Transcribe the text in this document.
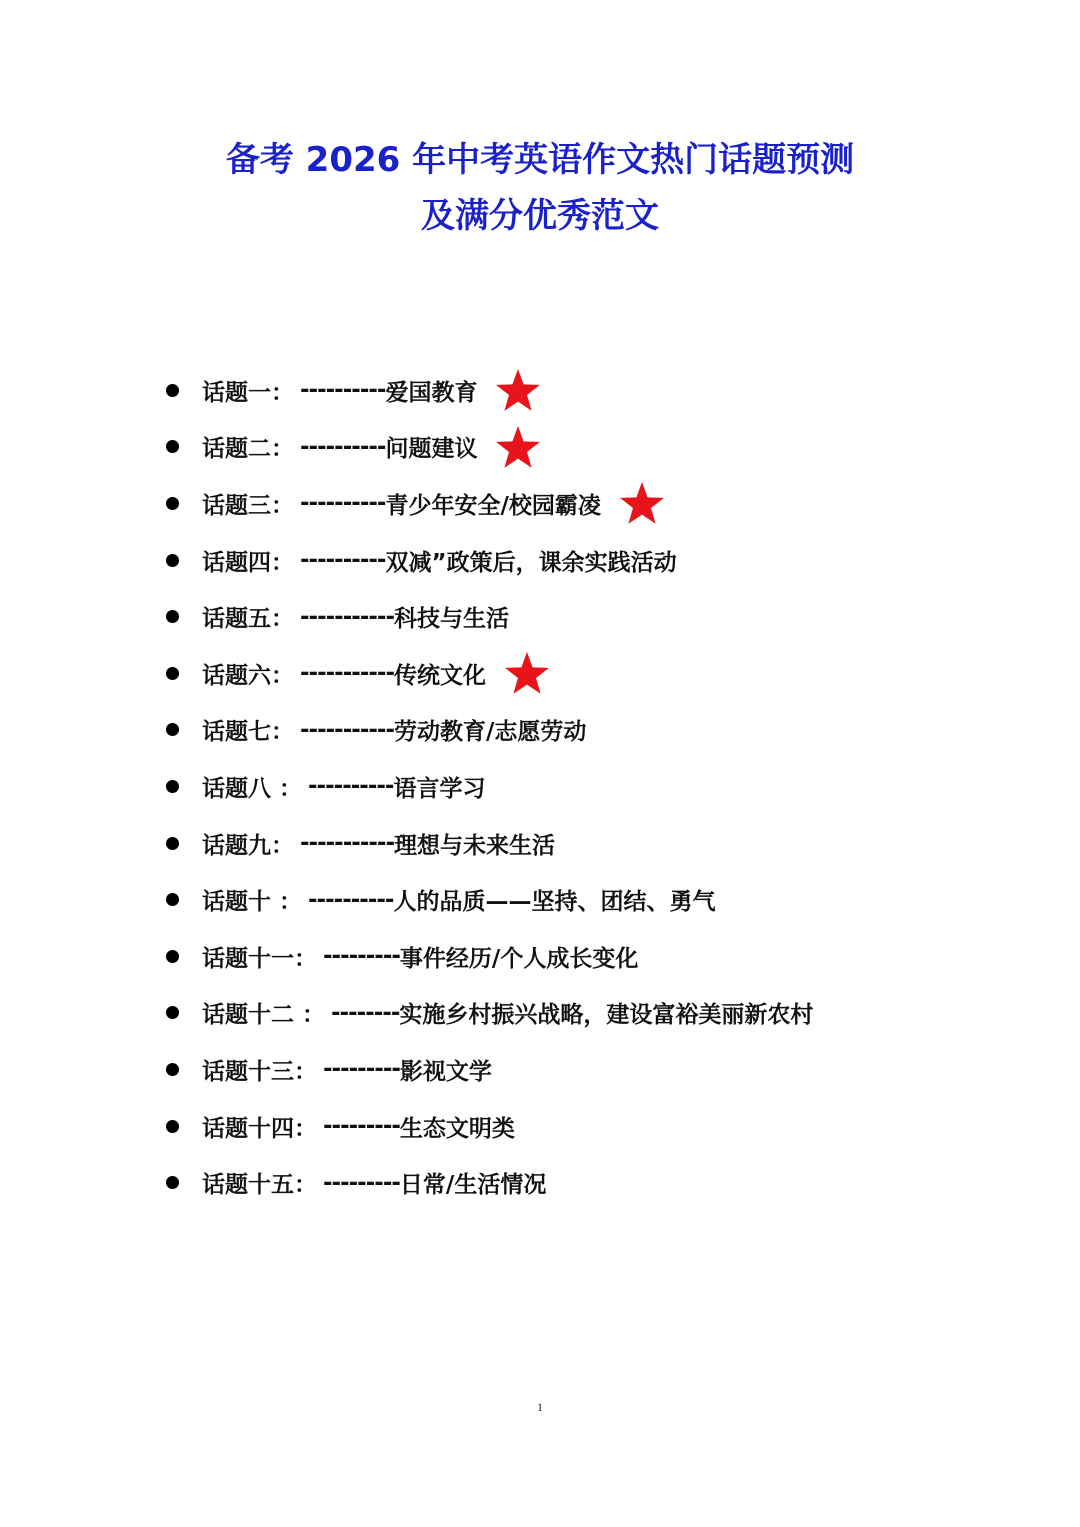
备考 2026 年中考英语作文热门话题预测
及满分优秀范文
话题一： ---------- 爱国教育
话题二： ---------- 问题建议
话题三： ---------- 青少年安全/校园霸凌
话题四： ---------- 双减”政策后，课余实践活动
话题五： ----------- 科技与生活
话题六： ----------- 传统文化
话题七： ----------- 劳动教育/志愿劳动
话题八 ： ---------- 语言学习
话题九： ----------- 理想与未来生活
话题十 ： ---------- 人的品质——坚持、团结、勇气
话题十一： --------- 事件经历/个人成长变化
话题十二 ： -------- 实施乡村振兴战略，建设富裕美丽新农村
话题十三： --------- 影视文学
话题十四： --------- 生态文明类
话题十五： --------- 日常/生活情况
1
